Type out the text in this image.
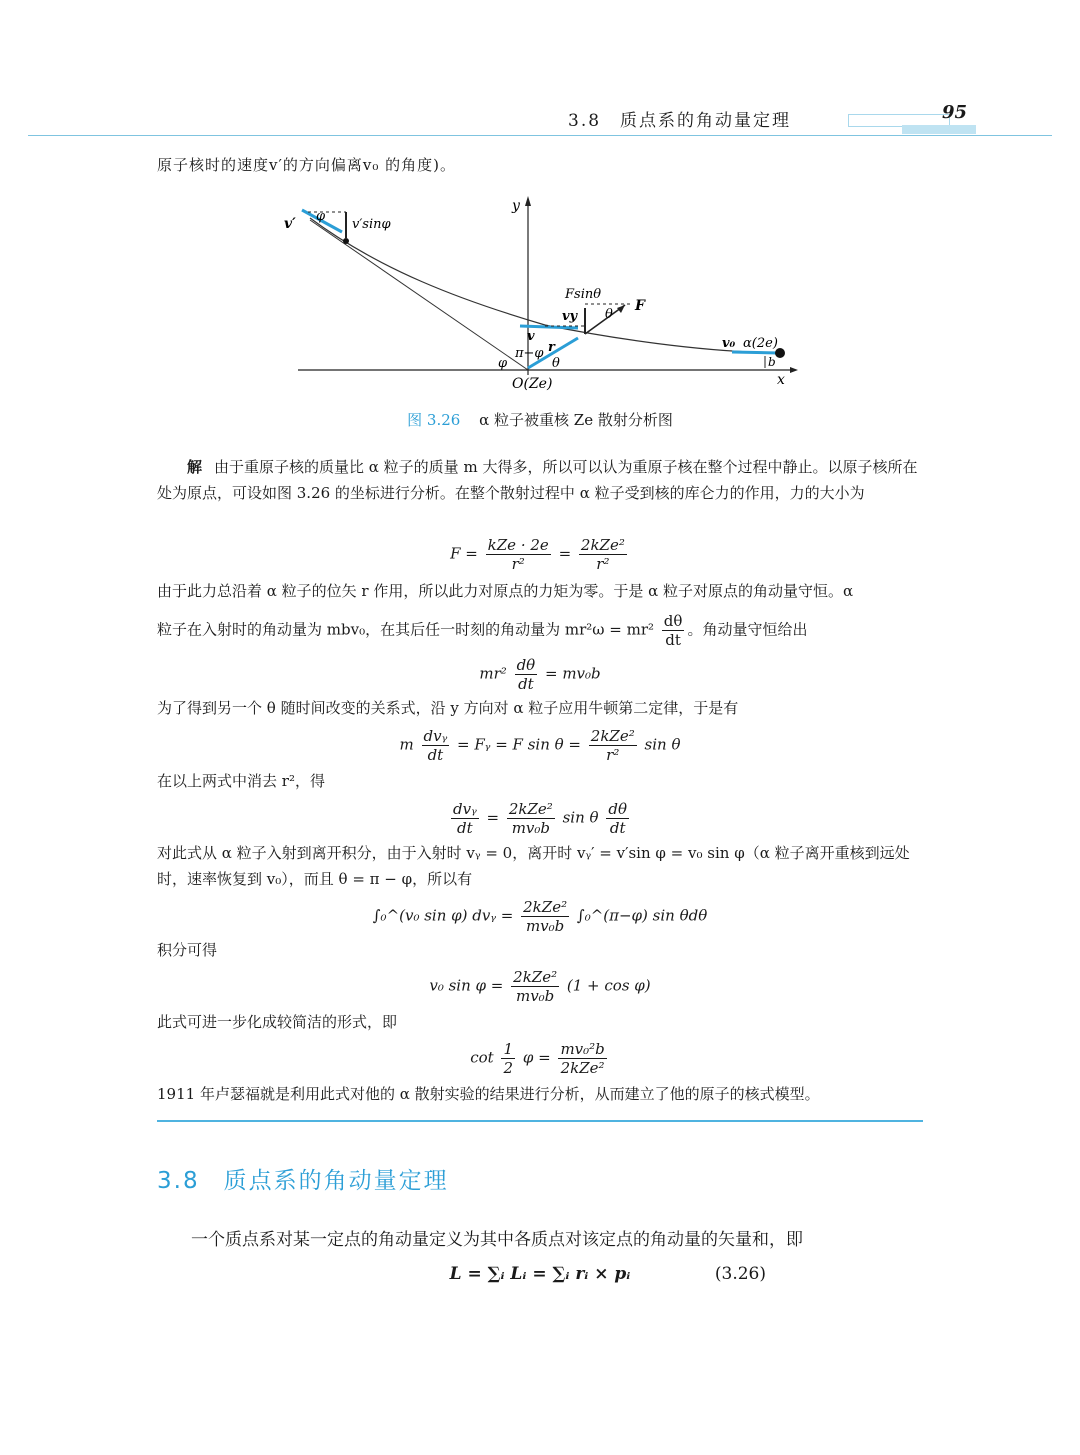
3.8　质点系的角动量定理	95
原子核时的速度v′的方向偏离v₀ 的角度)。
y
x
O(Ze)
v′ φ
v′sinφ
Fsinθ
F
θ
vy
v
π−φ r
φ	θ
v₀ α(2e)
b
图 3.26 α 粒子被重核 Ze 散射分析图
解 由于重原子核的质量比 α 粒子的质量 m 大得多，所以可以认为重原子核在整个过程中静止。以原子核所在处为原点，可设如图 3.26 的坐标进行分析。在整个散射过程中 α 粒子受到核的库仑力的作用，力的大小为
$F = \frac{\text{kZe · 2e}}{\text{r²}} = \frac{\text{2kZe²}}{\text{r²}}$
由于此力总沿着 α 粒子的位矢 r 作用，所以此力对原点的力矩为零。于是 α 粒子对原点的角动量守恒。α
粒子在入射时的角动量为 mbv₀，在其后任一时刻的角动量为 $mr^2\omega = mr^2 \frac{d\theta}{dt}$ 。角动量守恒给出
$mr^2 \frac{d\theta}{dt} = mv_0b$
为了得到另一个 θ 随时间改变的关系式，沿 y 方向对 α 粒子应用牛顿第二定律，于是有
m $\frac{\text{dvᵧ}}{dt}$ = Fᵧ = F $\sin \theta = \frac{\text{2kZe²}}{\text{r²}}$ sin θ
在以上两式中消去 r²，得
$\frac{\text{dvᵧ}}{dt} = \frac{\text{2kZe²}}{\text{mv₀b}}$ sin θ $\frac{d\theta}{dt}$
对此式从 α 粒子入射到离开积分，由于入射时 vᵧ = 0，离开时 vᵧ′ = v′sin φ = v₀ sin φ（α 粒子离开重核到远处时，速率恢复到 v₀），而且 θ = π − φ，所以有
∫₀^(v₀ sin φ) dvᵧ = $\frac{\text{2kZe²}}{\text{mv₀b}}$ ∫₀^(π−φ) sin θdθ
积分可得
v₀ $\sin \varphi = \frac{\text{2kZe²}}{\text{mv₀b}} (1 + \cos \varphi)$
此式可进一步化成较简洁的形式，即
$\cot \frac{1}{2}$ $\varphi = \frac{\text{mv₀²b}}{\text{2kZe²}}$
1911 年卢瑟福就是利用此式对他的 α 散射实验的结果进行分析，从而建立了他的原子的核式模型。
3.8 质点系的角动量定理
一个质点系对某一定点的角动量定义为其中各质点对该定点的角动量的矢量和，即
L = ∑ᵢ Lᵢ = ∑ᵢ rᵢ × pᵢ	(3.26)
